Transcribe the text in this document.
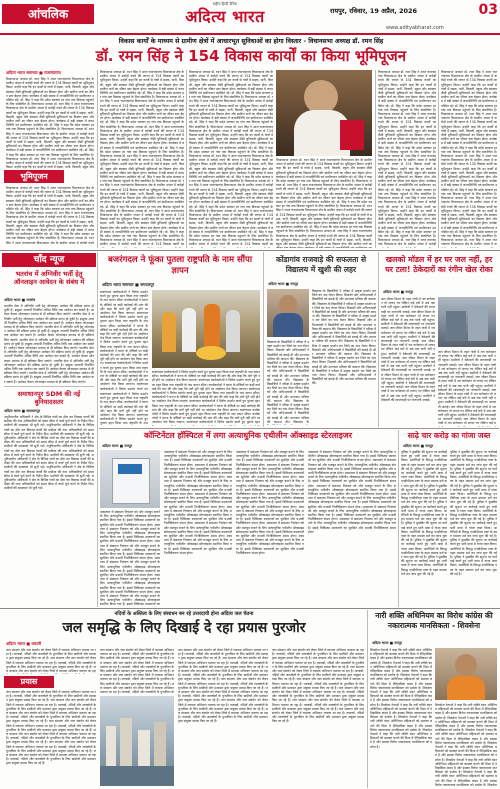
आंचलिक
राष्ट्रीय हिन्दी दैनिक
अदित्य भारत	रायपुर, रविवार, 19 अप्रैल, 2026	03
www.adityabharat.com
विकास कार्यों के माध्यम से ग्रामीण क्षेत्रों में आधारभूत सुविधाओं का होगा विस्तार - विधानसभा अध्यक्ष डॉ. रमन सिंह
डॉ. रमन सिंह ने 154 विकास कार्यों का किया भूमिपूजन
अदित्य भारत समाचार ■ राजनांदगांव
विधानसभा अध्यक्ष डॉ. रमन सिंह ने आज राजनांदगांव विधानसभा क्षेत्र के ग्रामीण अंचल में करोड़ों रुपये की लागत से 154 विकास कार्यों का भूमिपूजन किया। उन्होंने कहा कि इन कार्यों से गांवों में सड़क, पानी, बिजली, स्कूल और स्वास्थ्य जैसी बुनियादी सुविधाओं का विस्तार होगा और ग्रामीण जनों का जीवन स्तर बेहतर होगा। कार्यक्रम में बड़ी संख्या में जनप्रतिनिधि एवं ग्रामीणजन उपस्थित रहे। डॉ. सिंह ने कहा कि प्रदेश सरकार हर गांव तक विकास पहुंचाने के लिए संकल्पित है। विधानसभा अध्यक्ष डॉ. रमन सिंह ने आज राजनांदगांव विधानसभा क्षेत्र के ग्रामीण अंचल में करोड़ों रुपये की लागत से 154 विकास कार्यों का भूमिपूजन किया। उन्होंने कहा कि इन कार्यों से गांवों में सड़क, पानी, बिजली, स्कूल और स्वास्थ्य जैसी बुनियादी सुविधाओं का विस्तार होगा और ग्रामीण जनों का जीवन स्तर बेहतर होगा। कार्यक्रम में बड़ी संख्या में जनप्रतिनिधि एवं ग्रामीणजन उपस्थित रहे। डॉ. सिंह ने कहा कि प्रदेश सरकार हर गांव तक विकास पहुंचाने के लिए संकल्पित है। विधानसभा अध्यक्ष डॉ. रमन सिंह ने आज राजनांदगांव विधानसभा क्षेत्र के ग्रामीण अंचल में करोड़ों रुपये की लागत से 154 विकास कार्यों का भूमिपूजन किया। उन्होंने कहा कि इन कार्यों से गांवों में सड़क, पानी, बिजली, स्कूल और स्वास्थ्य जैसी बुनियादी सुविधाओं का विस्तार होगा और ग्रामीण जनों का जीवन स्तर बेहतर होगा। कार्यक्रम में बड़ी संख्या में जनप्रतिनिधि एवं ग्रामीणजन उपस्थित रहे। डॉ. सिंह ने कहा कि प्रदेश सरकार हर गांव तक विकास पहुंचाने के लिए संकल्पित है। विधानसभा अध्यक्ष डॉ. रमन सिंह ने आज राजनांदगांव विधानसभा क्षेत्र के ग्रामीण अंचल में करोड़ों रुपये की लागत से 154 विकास कार्यों का भूमिपूजन किया। उन्होंने कहा कि इन कार्यों से गांवों में सड़क, पानी, बिजली, स्कूल और
भूमिपूजन
विधानसभा अध्यक्ष डॉ. रमन सिंह ने आज राजनांदगांव विधानसभा क्षेत्र के ग्रामीण अंचल में करोड़ों रुपये की लागत से 154 विकास कार्यों का भूमिपूजन किया। उन्होंने कहा कि इन कार्यों से गांवों में सड़क, पानी, बिजली, स्कूल और स्वास्थ्य जैसी बुनियादी सुविधाओं का विस्तार होगा और ग्रामीण जनों का जीवन स्तर बेहतर होगा। कार्यक्रम में बड़ी संख्या में जनप्रतिनिधि एवं ग्रामीणजन उपस्थित रहे। डॉ. सिंह ने कहा कि प्रदेश सरकार हर गांव तक विकास पहुंचाने के लिए संकल्पित है। विधानसभा अध्यक्ष डॉ. रमन सिंह ने आज राजनांदगांव विधानसभा क्षेत्र के ग्रामीण अंचल में करोड़ों रुपये की लागत से 154 विकास कार्यों का भूमिपूजन किया। उन्होंने कहा कि इन कार्यों से गांवों में सड़क, पानी, बिजली, स्कूल और स्वास्थ्य जैसी बुनियादी सुविधाओं का विस्तार होगा और ग्रामीण जनों का जीवन स्तर बेहतर होगा। कार्यक्रम में बड़ी संख्या में जनप्रतिनिधि एवं ग्रामीणजन उपस्थित रहे। डॉ. सिंह ने कहा कि प्रदेश सरकार हर गांव तक विकास पहुंचाने के लिए संकल्पित है। विधानसभा अध्यक्ष डॉ. रमन सिंह ने आज राजनांदगांव विधानसभा क्षेत्र के ग्रामीण अंचल में करोड़ों रुपये
विधानसभा अध्यक्ष डॉ. रमन सिंह ने आज राजनांदगांव विधानसभा क्षेत्र के ग्रामीण अंचल में करोड़ों रुपये की लागत से 154 विकास कार्यों का भूमिपूजन किया। उन्होंने कहा कि इन कार्यों से गांवों में सड़क, पानी, बिजली, स्कूल और स्वास्थ्य जैसी बुनियादी सुविधाओं का विस्तार होगा और ग्रामीण जनों का जीवन स्तर बेहतर होगा। कार्यक्रम में बड़ी संख्या में जनप्रतिनिधि एवं ग्रामीणजन उपस्थित रहे। डॉ. सिंह ने कहा कि प्रदेश सरकार हर गांव तक विकास पहुंचाने के लिए संकल्पित है। विधानसभा अध्यक्ष डॉ. रमन सिंह ने आज राजनांदगांव विधानसभा क्षेत्र के ग्रामीण अंचल में करोड़ों रुपये की लागत से 154 विकास कार्यों का भूमिपूजन किया। उन्होंने कहा कि इन कार्यों से गांवों में सड़क, पानी, बिजली, स्कूल और स्वास्थ्य जैसी बुनियादी सुविधाओं का विस्तार होगा और ग्रामीण जनों का जीवन स्तर बेहतर होगा। कार्यक्रम में बड़ी संख्या में जनप्रतिनिधि एवं ग्रामीणजन उपस्थित रहे। डॉ. सिंह ने कहा कि प्रदेश सरकार हर गांव तक विकास पहुंचाने के लिए संकल्पित है। विधानसभा अध्यक्ष डॉ. रमन सिंह ने आज राजनांदगांव विधानसभा क्षेत्र के ग्रामीण अंचल में करोड़ों रुपये की लागत से 154 विकास कार्यों का भूमिपूजन किया। उन्होंने कहा कि इन कार्यों से गांवों में सड़क, पानी, बिजली, स्कूल और स्वास्थ्य जैसी बुनियादी सुविधाओं का विस्तार होगा और ग्रामीण जनों का जीवन स्तर बेहतर होगा। कार्यक्रम में बड़ी संख्या में जनप्रतिनिधि एवं ग्रामीणजन उपस्थित रहे। डॉ. सिंह ने कहा कि प्रदेश सरकार हर गांव तक विकास पहुंचाने के लिए संकल्पित है। विधानसभा अध्यक्ष डॉ. रमन सिंह ने आज राजनांदगांव विधानसभा क्षेत्र के ग्रामीण अंचल में करोड़ों रुपये की लागत से 154 विकास कार्यों का भूमिपूजन किया। उन्होंने कहा कि इन कार्यों से गांवों में सड़क, पानी, बिजली, स्कूल और स्वास्थ्य जैसी बुनियादी सुविधाओं का विस्तार होगा और ग्रामीण जनों का जीवन स्तर बेहतर होगा। कार्यक्रम में बड़ी संख्या में जनप्रतिनिधि एवं ग्रामीणजन उपस्थित रहे। डॉ. सिंह ने कहा कि प्रदेश सरकार हर गांव तक विकास पहुंचाने के लिए संकल्पित है। विधानसभा अध्यक्ष डॉ. रमन सिंह ने आज राजनांदगांव विधानसभा क्षेत्र के ग्रामीण अंचल में करोड़ों रुपये की लागत से 154 विकास कार्यों का भूमिपूजन किया। उन्होंने कहा कि इन कार्यों से गांवों में सड़क, पानी, बिजली, स्कूल और स्वास्थ्य जैसी बुनियादी सुविधाओं का विस्तार होगा और ग्रामीण जनों का जीवन स्तर बेहतर होगा। कार्यक्रम में बड़ी संख्या में जनप्रतिनिधि एवं ग्रामीणजन उपस्थित रहे। डॉ. सिंह ने कहा कि प्रदेश सरकार हर गांव तक विकास पहुंचाने के लिए संकल्पित है। विधानसभा अध्यक्ष डॉ. रमन सिंह ने आज राजनांदगांव विधानसभा क्षेत्र के ग्रामीण अंचल में करोड़ों रुपये की लागत से 154 विकास कार्यों का भूमिपूजन किया। उन्होंने कहा कि इन कार्यों से गांवों में सड़क, पानी, बिजली, स्कूल और स्वास्थ्य जैसी बुनियादी सुविधाओं का विस्तार होगा और ग्रामीण जनों का जीवन स्तर बेहतर होगा। कार्यक्रम में बड़ी संख्या में जनप्रतिनिधि एवं ग्रामीणजन उपस्थित रहे। डॉ. सिंह ने कहा कि प्रदेश सरकार हर गांव तक विकास पहुंचाने के लिए संकल्पित है। विधानसभा अध्यक्ष डॉ. रमन सिंह ने आज राजनांदगांव विधानसभा क्षेत्र के ग्रामीण अंचल में करोड़ों रुपये की लागत से 154 विकास कार्यों का
विधानसभा अध्यक्ष डॉ. रमन सिंह ने आज राजनांदगांव विधानसभा क्षेत्र के ग्रामीण अंचल में करोड़ों रुपये की लागत से 154 विकास कार्यों का भूमिपूजन किया। उन्होंने कहा कि इन कार्यों से गांवों में सड़क, पानी, बिजली, स्कूल और स्वास्थ्य जैसी बुनियादी सुविधाओं का विस्तार होगा और ग्रामीण जनों का जीवन स्तर बेहतर होगा। कार्यक्रम में बड़ी संख्या में जनप्रतिनिधि एवं ग्रामीणजन उपस्थित रहे। डॉ. सिंह ने कहा कि प्रदेश सरकार हर गांव तक विकास पहुंचाने के लिए संकल्पित है। विधानसभा अध्यक्ष डॉ. रमन सिंह ने आज राजनांदगांव विधानसभा क्षेत्र के ग्रामीण अंचल में करोड़ों रुपये की लागत से 154 विकास कार्यों का भूमिपूजन किया। उन्होंने कहा कि इन कार्यों से गांवों में सड़क, पानी, बिजली, स्कूल और स्वास्थ्य जैसी बुनियादी सुविधाओं का विस्तार होगा और ग्रामीण जनों का जीवन स्तर बेहतर होगा। कार्यक्रम में बड़ी संख्या में जनप्रतिनिधि एवं ग्रामीणजन उपस्थित रहे। डॉ. सिंह ने कहा कि प्रदेश सरकार हर गांव तक विकास पहुंचाने के लिए संकल्पित है। विधानसभा अध्यक्ष डॉ. रमन सिंह ने आज राजनांदगांव विधानसभा क्षेत्र के ग्रामीण अंचल में करोड़ों रुपये की लागत से 154 विकास कार्यों का भूमिपूजन किया। उन्होंने कहा कि इन कार्यों से गांवों में सड़क, पानी, बिजली, स्कूल और स्वास्थ्य जैसी बुनियादी सुविधाओं का विस्तार होगा और ग्रामीण जनों का जीवन स्तर बेहतर होगा। कार्यक्रम में बड़ी संख्या में जनप्रतिनिधि एवं ग्रामीणजन उपस्थित रहे। डॉ. सिंह ने कहा कि प्रदेश सरकार हर गांव तक विकास पहुंचाने के लिए संकल्पित है। विधानसभा अध्यक्ष डॉ. रमन सिंह ने आज राजनांदगांव विधानसभा क्षेत्र के ग्रामीण अंचल में करोड़ों रुपये की लागत से 154 विकास कार्यों का भूमिपूजन किया। उन्होंने कहा कि इन कार्यों से गांवों में सड़क, पानी, बिजली, स्कूल और स्वास्थ्य जैसी बुनियादी सुविधाओं का विस्तार होगा और ग्रामीण जनों का जीवन स्तर बेहतर होगा। कार्यक्रम में बड़ी संख्या में जनप्रतिनिधि एवं ग्रामीणजन उपस्थित रहे। डॉ. सिंह ने कहा कि प्रदेश सरकार हर गांव तक विकास पहुंचाने के लिए संकल्पित है। विधानसभा अध्यक्ष डॉ. रमन सिंह ने आज राजनांदगांव विधानसभा क्षेत्र के ग्रामीण अंचल में करोड़ों रुपये की लागत से 154 विकास कार्यों का भूमिपूजन किया। उन्होंने कहा कि इन कार्यों से गांवों में सड़क, पानी, बिजली, स्कूल और स्वास्थ्य जैसी बुनियादी सुविधाओं का विस्तार होगा और ग्रामीण जनों का जीवन स्तर बेहतर होगा। कार्यक्रम में बड़ी संख्या में जनप्रतिनिधि एवं ग्रामीणजन उपस्थित रहे। डॉ. सिंह ने कहा कि प्रदेश सरकार हर गांव तक विकास पहुंचाने के लिए संकल्पित है। विधानसभा अध्यक्ष डॉ. रमन सिंह ने आज राजनांदगांव विधानसभा क्षेत्र के ग्रामीण अंचल में करोड़ों रुपये की लागत से 154 विकास कार्यों का भूमिपूजन किया। उन्होंने कहा कि इन कार्यों से गांवों में सड़क, पानी, बिजली, स्कूल और स्वास्थ्य जैसी बुनियादी सुविधाओं का विस्तार होगा और ग्रामीण जनों का जीवन स्तर बेहतर होगा। कार्यक्रम में बड़ी संख्या में जनप्रतिनिधि एवं ग्रामीणजन उपस्थित रहे। डॉ. सिंह ने कहा कि प्रदेश सरकार हर गांव तक विकास पहुंचाने के लिए संकल्पित है। विधानसभा अध्यक्ष डॉ. रमन सिंह ने आज राजनांदगांव विधानसभा क्षेत्र के ग्रामीण अंचल में करोड़ों रुपये की लागत से 154 विकास कार्यों का
विधानसभा अध्यक्ष डॉ. रमन सिंह ने आज राजनांदगांव विधानसभा क्षेत्र के ग्रामीण अंचल में करोड़ों रुपये की लागत से 154 विकास कार्यों का भूमिपूजन किया। उन्होंने कहा कि इन कार्यों से गांवों में सड़क, पानी, बिजली, स्कूल और स्वास्थ्य जैसी बुनियादी सुविधाओं का विस्तार होगा और ग्रामीण जनों का जीवन स्तर बेहतर होगा। कार्यक्रम में बड़ी संख्या में जनप्रतिनिधि एवं ग्रामीणजन उपस्थित रहे। डॉ. सिंह ने कहा कि प्रदेश सरकार हर गांव तक विकास पहुंचाने के लिए संकल्पित है। विधानसभा अध्यक्ष डॉ. रमन सिंह ने आज राजनांदगांव विधानसभा क्षेत्र के ग्रामीण अंचल में करोड़ों रुपये की लागत से 154 विकास कार्यों का भूमिपूजन किया। उन्होंने कहा कि इन कार्यों से गांवों में सड़क, पानी, बिजली, स्कूल और स्वास्थ्य जैसी बुनियादी सुविधाओं का विस्तार होगा और ग्रामीण जनों का जीवन स्तर बेहतर होगा। कार्यक्रम में बड़ी संख्या में जनप्रतिनिधि एवं ग्रामीणजन उपस्थित रहे। डॉ. सिंह ने कहा कि प्रदेश सरकार हर गांव तक विकास पहुंचाने के लिए संकल्पित है। विधानसभा अध्यक्ष डॉ. रमन सिंह ने आज राजनांदगांव विधानसभा क्षेत्र के ग्रामीण अंचल में करोड़ों रुपये की लागत से 154 विकास कार्यों का भूमिपूजन किया। उन्होंने कहा कि इन कार्यों से गांवों में सड़क, पानी, बिजली, स्कूल और स्वास्थ्य जैसी बुनियादी सुविधाओं का विस्तार होगा और ग्रामीण जनों का जीवन स्तर बेहतर होगा। कार्यक्रम में बड़ी संख्या में जनप्रतिनिधि एवं ग्रामीणजन उपस्थित रहे। डॉ. सिंह ने कहा कि प्रदेश सरकार हर गांव तक विकास पहुंचाने के लिए संकल्पित है। विधानसभा अध्यक्ष डॉ. रमन सिंह ने आज राजनांदगांव विधानसभा क्षेत्र के ग्रामीण अंचल में करोड़ों रुपये की लागत से 154 विकास कार्यों का भूमिपूजन किया। उन्होंने कहा कि इन कार्यों से गांवों में सड़क, पानी, बिजली, स्कूल और स्वास्थ्य जैसी बुनियादी सुविधाओं का विस्तार होगा और ग्रामीण जनों का
विधानसभा अध्यक्ष डॉ. रमन सिंह ने आज राजनांदगांव विधानसभा क्षेत्र के ग्रामीण अंचल में करोड़ों रुपये की लागत से 154 विकास कार्यों का भूमिपूजन किया। उन्होंने कहा कि इन कार्यों से गांवों में सड़क, पानी, बिजली, स्कूल और स्वास्थ्य जैसी बुनियादी सुविधाओं का विस्तार होगा और ग्रामीण जनों का जीवन स्तर बेहतर होगा। कार्यक्रम में बड़ी संख्या में जनप्रतिनिधि एवं ग्रामीणजन उपस्थित रहे। डॉ. सिंह ने कहा कि प्रदेश सरकार हर गांव तक विकास पहुंचाने के लिए संकल्पित है। विधानसभा अध्यक्ष डॉ. रमन सिंह ने आज राजनांदगांव विधानसभा क्षेत्र के ग्रामीण अंचल में करोड़ों रुपये की लागत से 154 विकास कार्यों का भूमिपूजन किया। उन्होंने कहा कि इन कार्यों से गांवों में सड़क, पानी, बिजली, स्कूल और स्वास्थ्य जैसी बुनियादी सुविधाओं का विस्तार होगा और ग्रामीण जनों का जीवन स्तर बेहतर होगा। कार्यक्रम में बड़ी संख्या में जनप्रतिनिधि एवं ग्रामीणजन उपस्थित रहे। डॉ. सिंह ने कहा कि प्रदेश सरकार हर गांव तक विकास पहुंचाने के लिए संकल्पित है। विधानसभा अध्यक्ष डॉ. रमन सिंह ने आज राजनांदगांव विधानसभा क्षेत्र के ग्रामीण अंचल में करोड़ों रुपये की लागत से 154 विकास कार्यों का भूमिपूजन किया। उन्होंने कहा कि इन कार्यों से गांवों में सड़क, पानी, बिजली, स्कूल और स्वास्थ्य जैसी बुनियादी सुविधाओं का विस्तार होगा और ग्रामीण जनों का जीवन स्तर बेहतर होगा। कार्यक्रम में बड़ी संख्या में जनप्रतिनिधि एवं ग्रामीणजन उपस्थित रहे। डॉ. सिंह ने कहा कि प्रदेश सरकार हर गांव तक विकास पहुंचाने के लिए संकल्पित है। विधानसभा अध्यक्ष डॉ. रमन सिंह ने आज राजनांदगांव विधानसभा क्षेत्र के ग्रामीण अंचल में करोड़ों रुपये की लागत से 154 विकास कार्यों का भूमिपूजन किया। उन्होंने कहा कि इन कार्यों से गांवों में सड़क, पानी, बिजली, स्कूल और स्वास्थ्य जैसी बुनियादी सुविधाओं का विस्तार होगा और ग्रामीण जनों का जीवन स्तर बेहतर होगा। कार्यक्रम में बड़ी संख्या में जनप्रतिनिधि एवं ग्रामीणजन उपस्थित रहे। डॉ. सिंह ने कहा कि प्रदेश सरकार हर गांव तक विकास पहुंचाने के लिए संकल्पित है। विधानसभा अध्यक्ष डॉ. रमन सिंह ने आज राजनांदगांव विधानसभा क्षेत्र के ग्रामीण अंचल में करोड़ों
विधानसभा अध्यक्ष डॉ. रमन सिंह ने आज राजनांदगांव विधानसभा क्षेत्र के ग्रामीण अंचल में करोड़ों रुपये की लागत से 154 विकास कार्यों का भूमिपूजन किया। उन्होंने कहा कि इन कार्यों से गांवों में सड़क, पानी, बिजली, स्कूल और स्वास्थ्य जैसी बुनियादी सुविधाओं का विस्तार होगा और ग्रामीण जनों का जीवन स्तर बेहतर होगा। कार्यक्रम में बड़ी संख्या में जनप्रतिनिधि एवं ग्रामीणजन उपस्थित रहे। डॉ. सिंह ने कहा कि प्रदेश सरकार हर गांव तक विकास पहुंचाने के लिए संकल्पित है। विधानसभा अध्यक्ष डॉ. रमन सिंह ने आज राजनांदगांव विधानसभा क्षेत्र के ग्रामीण अंचल में करोड़ों रुपये की लागत से 154 विकास कार्यों का भूमिपूजन किया। उन्होंने कहा कि इन कार्यों से गांवों में सड़क, पानी, बिजली, स्कूल और स्वास्थ्य जैसी बुनियादी सुविधाओं का विस्तार होगा और ग्रामीण जनों का जीवन स्तर बेहतर होगा। कार्यक्रम में बड़ी संख्या में जनप्रतिनिधि एवं ग्रामीणजन उपस्थित रहे। डॉ. सिंह ने कहा कि प्रदेश सरकार हर गांव तक विकास पहुंचाने के लिए संकल्पित है। विधानसभा अध्यक्ष डॉ. रमन सिंह ने आज राजनांदगांव विधानसभा क्षेत्र के ग्रामीण अंचल में करोड़ों रुपये की लागत से 154 विकास कार्यों का भूमिपूजन किया। उन्होंने कहा कि इन कार्यों से गांवों में सड़क, पानी, बिजली, स्कूल और स्वास्थ्य जैसी बुनियादी सुविधाओं का विस्तार होगा और ग्रामीण जनों का जीवन स्तर बेहतर होगा। कार्यक्रम में बड़ी संख्या में जनप्रतिनिधि एवं ग्रामीणजन उपस्थित रहे। डॉ. सिंह ने कहा कि प्रदेश सरकार हर गांव तक विकास पहुंचाने के लिए संकल्पित है। विधानसभा अध्यक्ष डॉ. रमन सिंह ने आज राजनांदगांव विधानसभा क्षेत्र के ग्रामीण अंचल में करोड़ों रुपये की लागत से 154 विकास कार्यों का भूमिपूजन किया। उन्होंने कहा कि इन कार्यों से गांवों में सड़क, पानी, बिजली, स्कूल और स्वास्थ्य जैसी बुनियादी सुविधाओं का विस्तार होगा और ग्रामीण जनों का जीवन स्तर बेहतर होगा। कार्यक्रम में बड़ी संख्या में जनप्रतिनिधि एवं ग्रामीणजन उपस्थित रहे। डॉ. सिंह ने कहा कि प्रदेश सरकार हर गांव तक विकास पहुंचाने के लिए संकल्पित है। विधानसभा अध्यक्ष डॉ. रमन सिंह ने आज राजनांदगांव विधानसभा क्षेत्र के ग्रामीण अंचल में क
चाँद न्यूज
भतरांच में अग्निवीर भर्ती हेतु ऑनलाइन आवेदन के संबंध में
अदित्य भारत ■ भतरांच
भारतीय सेना में अग्निवीर भर्ती हेतु ऑनलाइन आवेदन की प्रक्रिया प्रारंभ हो चुकी है। इच्छुक अभ्यर्थी निर्धारित अंतिम तिथि तक आवेदन कर सकते हैं। आवेदन केवल ऑनलाइन माध्यम से ही स्वीकार किए जाएंगे। भारतीय सेना में अग्निवीर भर्ती हेतु ऑनलाइन आवेदन की प्रक्रिया प्रारंभ हो चुकी है। इच्छुक अभ्यर्थी निर्धारित अंतिम तिथि तक आवेदन कर सकते हैं। आवेदन केवल ऑनलाइन माध्यम से ही स्वीकार किए जाएंगे। भारतीय सेना में अग्निवीर भर्ती हेतु ऑनलाइन आवेदन की प्रक्रिया प्रारंभ हो चुकी है। इच्छुक अभ्यर्थी निर्धारित अंतिम तिथि तक आवेदन कर सकते हैं। आवेदन केवल ऑनलाइन माध्यम से ही स्वीकार किए जाएंगे। भारतीय सेना में अग्निवीर भर्ती हेतु ऑनलाइन आवेदन की प्रक्रिया प्रारंभ हो चुकी है। इच्छुक अभ्यर्थी निर्धारित अंतिम तिथि तक आवेदन कर सकते हैं। आवेदन केवल ऑनलाइन माध्यम से ही स्वीकार किए जाएंगे। भारतीय सेना में अग्निवीर भर्ती हेतु ऑनलाइन आवेदन की प्रक्रिया प्रारंभ हो चुकी है। इच्छुक अभ्यर्थी निर्धारित अंतिम तिथि तक आवेदन कर सकते हैं। आवेदन केवल ऑनलाइन माध्यम से ही स्वीकार किए जाएंगे। भारतीय सेना में अग्निवीर भर्ती हेतु ऑनलाइन आवेदन की प्रक्रिया प्रारंभ हो चुकी है। इच्छुक अभ्यर्थी निर्धारित अंतिम तिथि तक आवेदन कर सकते हैं। आवेदन केवल ऑनलाइन माध्यम से ही स्वीकार किए जाएंगे। भारतीय सेना में अग्निवीर भर्ती हेतु ऑनलाइन आवेदन की प्रक्रिया प्रारंभ हो चुकी है। इच्छुक अभ्यर्थी निर्धारित अंतिम तिथि तक आवेदन कर सकते हैं। आवेदन केवल ऑनलाइन माध्यम से ही स्वीकार किए जाएंगे।
समाधानपुर SDM की नई बुनियादसतर
अदित्य भारत ■ समाधानपुर
अनुविभागीय अधिकारी ने क्षेत्र के विभिन्न गांवों का दौरा कर विकास कार्यों की समीक्षा की तथा अधिकारियों को समय सीमा में कार्य पूर्ण करने के निर्देश दिए। ग्रामीणों की समस्याएं भी सुनी गईं। अनुविभागीय अधिकारी ने क्षेत्र के विभिन्न गांवों का दौरा कर विकास कार्यों की समीक्षा की तथा अधिकारियों को समय सीमा में कार्य पूर्ण करने के निर्देश दिए। ग्रामीणों की समस्याएं भी सुनी गईं। अनुविभागीय अधिकारी ने क्षेत्र के विभिन्न गांवों का दौरा कर विकास कार्यों की समीक्षा की तथा अधिकारियों को समय सीमा में कार्य पूर्ण करने के निर्देश दिए। ग्रामीणों की समस्याएं भी सुनी गईं। अनुविभागीय अधिकारी ने क्षेत्र के विभिन्न गांवों का दौरा कर विकास कार्यों की समीक्षा की तथा अधिकारियों को समय सीमा में कार्य पूर्ण करने के निर्देश दिए। ग्रामीणों की समस्याएं भी सुनी गईं। अनुविभागीय अधिकारी ने क्षेत्र के विभिन्न गांवों का दौरा कर विकास कार्यों की समीक्षा की तथा अधिकारियों को समय सीमा में कार्य पूर्ण करने के निर्देश दिए। ग्रामीणों की समस्याएं भी सुनी गईं। अनुविभागीय अधिकारी ने क्षेत्र के विभिन्न गांवों का दौरा कर विकास कार्यों की समीक्षा की तथा अधिकारियों को समय सीमा में कार्य पूर्ण करने के निर्देश दिए। ग्रामीणों की समस्याएं भी सुनी गईं। अनुविभागीय अधिकारी ने क्षेत्र के विभिन्न गांवों का दौरा कर विकास कार्यों की समीक्षा की तथा अधिकारियों को समय सीमा में कार्य पूर्ण करने के निर्देश दिए। ग्रामीणों की समस्याएं भी सुनी गईं।
बजरंगदल ने फूंका पुतला राष्ट्रपति के नाम सौंपा ज्ञापन
अदित्य भारत समाचार ■ जगदलपुर
बजरंगदल कार्यकर्ताओं ने विरोध प्रदर्शन करते हुए पुतला दहन किया तथा राष्ट्रपति के नाम ज्ञापन सौंपा। कार्यकर्ताओं ने घटना के दोषियों पर कड़ी कार्रवाई की मांग की और कहा कि मांगें पूरी नहीं होने पर आंदोलन तेज किया जाएगा। बजरंगदल कार्यकर्ताओं ने विरोध प्रदर्शन करते हुए पुतला दहन किया तथा राष्ट्रपति के नाम ज्ञापन सौंपा। कार्यकर्ताओं ने घटना के दोषियों पर कड़ी कार्रवाई की मांग की और कहा कि मांगें पूरी नहीं होने पर आंदोलन तेज किया जाएगा। बजरंगदल कार्यकर्ताओं ने विरोध प्रदर्शन करते हुए पुतला दहन किया तथा राष्ट्रपति के नाम ज्ञापन सौंपा। कार्यकर्ताओं ने घटना के दोषियों पर कड़ी कार्रवाई की मांग की और कहा कि मांगें पूरी नहीं होने पर आंदोलन तेज किया जाएगा। बजरंगदल कार्यकर्ताओं ने विरोध प्रदर्शन करते हुए पुतला दहन किया तथा राष्ट्रपति के नाम ज्ञापन सौंपा। कार्यकर्ताओं ने घटना के दोषियों पर कड़ी कार्रवाई की मांग की और कहा कि मांगें पूरी नहीं होने पर आंदोलन तेज किया जाएगा। बजरंगदल कार्यकर्ताओं ने विरोध प्रदर्शन करते हुए
बजरंगदल कार्यकर्ताओं ने विरोध प्रदर्शन करते हुए पुतला दहन किया तथा राष्ट्रपति के नाम ज्ञापन सौंपा। कार्यकर्ताओं ने घटना के दोषियों पर कड़ी कार्रवाई की मांग की और कहा कि मांगें पूरी नहीं होने पर आंदोलन तेज किया जाएगा। बजरंगदल कार्यकर्ताओं ने विरोध प्रदर्शन करते हुए पुतला दहन किया तथा राष्ट्रपति के नाम ज्ञापन सौंपा। कार्यकर्ताओं ने घटना के दोषियों पर कड़ी कार्रवाई की मांग की और कहा कि मांगें पूरी नहीं होने पर आंदोलन तेज किया जाएगा। बजरंगदल कार्यकर्ताओं ने विरोध प्रदर्शन करते हुए पुतला दहन किया तथा राष्ट्रपति के नाम ज्ञापन सौंपा। कार्यकर्ताओं ने घटना के दोषियों पर कड़ी कार्रवाई की मांग की और कहा कि मांगें पूरी नहीं होने पर आंदोलन तेज किया जाएगा। बजरंगदल कार्यकर्ताओं ने विरोध प्रदर्शन करते हुए पुतला दहन किया तथा राष्ट्रपति के नाम ज्ञापन सौंपा। कार्यकर्ताओं ने घटना के दोषियों पर कड़ी कार्रवाई की मांग की और कहा कि मांगें पूरी नहीं होने पर आंदोलन तेज किया जाएगा। बजरंगदल कार्यकर्ताओं ने विरोध प्रदर्शन करते हुए पुतला दहन किया तथा राष्ट्रपति के नाम ज्ञापन सौंपा। कार्यकर्ताओं ने घटना के दोषियों पर कड़ी कार्रवाई की मांग की और कहा कि मांगें पूरी नहीं होने पर आंदोलन तेज किया जाएगा। बजरंगदल कार्यकर्ताओं ने विरोध प्रदर्शन करते हुए पुतला दहन
बजरंगदल कार्यकर्ताओं ने विरोध प्रदर्शन करते हुए पुतला दहन किया तथा राष्ट्रपति के नाम ज्ञापन सौंपा। कार्यकर्ताओं ने घटना के दोषियों पर कड़ी कार्रवाई की मांग की और कहा कि मांगें पूरी नहीं होने पर आंदोलन तेज किया जाएगा। बजरंगदल कार्यकर्ताओं ने विरोध प्रदर्शन करते हुए पुतला दहन किया तथा राष्ट्रपति के नाम
कोंडागांव राजवाड़े की सफलता से विद्यालय में खुशी की लहर
अदित्य भारत ■ रायपुर
विद्यालय के विद्यार्थियों ने परीक्षा में उत्कृष्ट प्रदर्शन कर जिले का नाम रोशन किया। शिक्षकों और अभिभावकों ने विद्यार्थियों को बधाई दी और उज्ज्वल भविष्य की कामना की। विद्यालय के विद्यार्थियों ने परीक्षा में उत्कृष्ट प्रदर्शन कर जिले का नाम रोशन किया। शिक्षकों और अभिभावकों ने विद्यार्थियों को बधाई दी और उज्ज्वल भविष्य की कामना की। विद्यालय के विद्यार्थियों ने परीक्षा में उत्कृष्ट प्रदर्शन कर जिले का नाम रोशन किया। शिक्षकों और अभिभावकों ने विद्यार्थियों को बधाई दी और उज्ज्वल भविष्य की कामना की। विद्यालय के विद्यार्थियों ने परीक्षा में उत्कृष्ट प्रदर्शन कर जिले का नाम रोशन किया। शिक्षकों और अभिभावकों ने विद्यार्थियों को बधाई दी और उज्ज्वल भविष्य की कामना की। विद्यालय के विद्यार्थियों ने परीक्षा में उत्कृष्ट प्रदर्शन कर जिले का नाम रोशन किया। शिक्षकों और अभिभावकों ने विद्यार्थियों को बधाई दी और उज्ज्वल भविष्य की कामना की। विद्यालय के विद्यार्थियों ने परीक्षा में उत्कृष्ट प्रदर्शन कर जिले का नाम रोशन किया। शिक्षकों और अभिभावकों ने विद्यार्थियों को बधाई दी और उज्ज्वल भविष्य की कामना की। विद्यालय के विद्यार्थियों ने परीक्षा में उत्कृष्ट प्रदर्शन कर जिले का नाम रोशन किया। शिक्षकों और अभिभावकों ने विद्यार्थियों को बधाई दी और उज्ज्वल भविष्य की कामना की।
विद्यालय के विद्यार्थियों ने परीक्षा में उत्कृष्ट प्रदर्शन कर जिले का नाम रोशन किया। शिक्षकों और अभिभावकों ने विद्यार्थियों को बधाई दी और उज्ज्वल भविष्य की कामना की। विद्यालय के विद्यार्थियों ने परीक्षा में उत्कृष्ट प्रदर्शन कर जिले का नाम रोशन किया। शिक्षकों और अभिभावकों ने विद्यार्थियों को बधाई दी और उज्ज्वल भविष्य की कामना की। विद्यालय के विद्यार्थियों ने परीक्षा में उत्कृष्ट प्रदर्शन कर जिले का नाम रोशन किया। शिक्षकों और अभिभावकों ने विद्यार्थियों को बधाई दी और उज्ज्वल भविष्य की कामना की। विद्यालय के विद्यार्थियों ने परीक्षा में उत्कृष्ट प्रदर्शन कर जिले का नाम रोशन किया। शिक्षकों और अभिभावकों ने विद्यार्थियों को बधाई दी और उज्ज्वल भविष्य की कामना की। विद्यालय के
खलको मॉडल में हर घर जल नहीं, हर घर टला! ठेकेदारों का रंगीन खेल रोका
अदित्य भारत ■ रायपुर
जल जीवन मिशन के तहत गांवों में नल कनेक्शन तो लगाए गए लेकिन कई घरों में अब तक पानी नहीं पहुंचा। ग्रामीणों ने ठेकेदारों की लापरवाही पर नाराजगी जताई। जल जीवन मिशन के तहत गांवों में नल कनेक्शन तो लगाए गए लेकिन कई घरों में अब तक पानी नहीं पहुंचा। ग्रामीणों ने ठेकेदारों की लापरवाही पर नाराजगी जताई। जल जीवन मिशन के तहत गांवों में नल कनेक्शन तो लगाए गए लेकिन कई घरों में अब तक पानी नहीं पहुंचा। ग्रामीणों ने ठेकेदारों की लापरवाही पर नाराजगी जताई। जल जीवन मिशन के तहत गांवों में नल कनेक्शन तो लगाए गए लेकिन कई घरों में अब तक पानी नहीं पहुंचा। ग्रामीणों ने ठेकेदारों की लापरवाही पर नाराजगी जताई। जल जीवन मिशन के तहत गांवों में नल कनेक्शन तो लगाए गए लेकिन कई घरों में अब तक पानी नहीं पहुंचा। ग्रामीणों ने ठेकेदारों की लापरवाही पर नाराजगी जताई। जल जीवन मिशन के तहत गांवों में नल कनेक्शन तो लगाए गए लेकिन कई घरों में अब तक पानी नहीं पहुंचा। ग्रामीणों ने ठेकेदारों की लापरवाही पर नाराजगी जताई। जल जीवन मिशन के तहत गांवों में नल कनेक्शन तो लगाए गए लेकिन कई घरों में अब तक पानी नहीं पहुंचा। ग्रामीणों ने ठेकेदारों की लापरवाही पर नाराजगी जताई।
जल जीवन मिशन के तहत गांवों में नल कनेक्शन तो लगाए गए लेकिन कई घरों में अब तक पानी नहीं पहुंचा। ग्रामीणों ने ठेकेदारों की लापरवाही पर नाराजगी जताई। जल जीवन मिशन के तहत गांवों में नल कनेक्शन तो लगाए गए लेकिन कई घरों में अब तक पानी नहीं पहुंचा। ग्रामीणों ने ठेकेदारों की लापरवाही पर नाराजगी जताई। जल जीवन मिशन के तहत गांवों में नल कनेक्शन तो लगाए गए लेकिन कई घरों में अब तक पानी नहीं पहुंचा। ग्रामीणों ने ठेकेदारों की लापरवाही पर नाराजगी जताई। जल जीवन मिशन के तहत गांवों में नल कनेक्शन तो लगाए गए लेकिन कई घरों में अब तक पानी नहीं पहुंचा। ग्रामीणों ने ठेकेदारों की लापरवाही पर नाराजगी जताई। जल जीवन मिशन के तहत गांवों में नल कनेक्शन तो लगाए गए लेकिन कई घरों में अब तक पानी नहीं पहुंचा। ग्रामीणों ने ठेकेदारों की लापरवाही पर नाराजगी जताई। जल जीवन मिशन के तहत गांवों में नल कनेक्शन तो लगाए गए लेकिन कई घ
कॉन्टिनेंटल हॉस्पिटल में लगा अत्याधुनिक एथीलीन ऑक्साइड स्टेरलाइजर
अदित्य भारत ■ रायपुर
अस्पताल में संक्रमण नियंत्रण को और मजबूत बनाने के लिए अत्याधुनिक एथीलीन ऑक्साइड स्टेरलाइजर स्थापित किया गया है। इससे चिकित्सा उपकरणों का सुरक्षित और प्रभावी निर्जीवीकरण संभव होगा। अस्पताल में संक्रमण नियंत्रण को और मजबूत बनाने के लिए अत्याधुनिक एथीलीन ऑक्साइड स्टेरलाइजर स्थापित किया गया है। इससे चिकित्सा उपकरणों का सुरक्षित और प्रभावी निर्जीवीकरण संभव होगा। अस्पताल में संक्रमण नियंत्रण को और मजबूत बनाने के लिए अत्याधुनिक एथीलीन ऑक्साइड स्टेरलाइजर स्थापित किया गया है। इससे चिकित्सा उपकरणों का सुरक्षित और प्रभावी निर्जीवीकरण संभव होगा। अस्पताल में संक्रमण नियंत्रण को और मजबूत बनाने के लिए अत्याधुनिक एथीलीन ऑक्साइड स्टेरलाइजर स्थापित किया गया है। इससे चिकित्सा उपकरणों का सुरक्षित और प्रभावी निर्जीवीकरण संभव होगा। अस्पताल में संक्रमण नियंत्रण को और मजबूत बनाने के लिए अत्याधुनिक एथीलीन ऑक्साइड स्टेरलाइजर स्थापित किया गया है। इससे चिकित्सा उपकरणों का सुरक्षित और प्रभावी निर्जीवीकरण संभव होगा। अस्पताल में संक्रमण नियंत्रण को और मजबूत बनाने के लिए अत्याधुनिक एथीलीन ऑक्साइड स्टेरलाइजर स्थापित किया गया है। इससे चिकित्सा उपकरणों का
अस्पताल में संक्रमण नियंत्रण को और मजबूत बनाने के लिए अत्याधुनिक एथीलीन ऑक्साइड स्टेरलाइजर स्थापित किया गया है। इससे चिकित्सा उपकरणों का सुरक्षित और प्रभावी निर्जीवीकरण संभव होगा। अस्पताल में संक्रमण नियंत्रण को और मजबूत बनाने के लिए अत्याधुनिक एथीलीन ऑक्साइड स्टेरलाइजर स्थापित किया गया है। इससे चिकित्सा उपकरणों का सुरक्षित और प्रभावी निर्जीवीकरण संभव होगा। अस्पताल में संक्रमण नियंत्रण को और मजबूत बनाने के लिए अत्याधुनिक एथीलीन ऑक्साइड स्टेरलाइजर स्थापित किया गया है। इससे चिकित्सा उपकरणों का सुरक्षित और प्रभावी निर्जीवीकरण संभव होगा। अस्पताल में संक्रमण नियंत्रण को और मजबूत बनाने के लिए अत्याधुनिक एथीलीन ऑक्साइड स्टेरलाइजर स्थापित किया गया है। इससे चिकित्सा उपकरणों का सुरक्षित और प्रभावी निर्जीवीकरण संभव होगा। अस्पताल में संक्रमण नियंत्रण को और मजबूत बनाने के लिए अत्याधुनिक एथीलीन ऑक्साइड स्टेरलाइजर स्थापित किया गया है। इससे चिकित्सा उपकरणों का सुरक्षित और प्रभावी निर्जीवीकरण संभव होगा। अस्पताल में संक्रमण नियंत्रण को और मजबूत बनाने के लिए अत्याधुनिक एथीलीन ऑक्साइड स्टेरलाइजर स्थापित किया गया है। इससे चिकित्सा उपकरणों का सुरक्षित और प्रभावी निर्जीवीकरण संभव होगा। अस्पताल में संक्रमण नियंत्रण को और मजबूत बनाने के लिए अत्याधुनिक एथीलीन ऑक्साइड स्टेरलाइजर स्थापित किया गया है। इससे चिकित्सा उपकरणों का सुरक्षित और प्रभावी निर्जीवीकरण संभव होगा।
अस्पताल में संक्रमण नियंत्रण को और मजबूत बनाने के लिए अत्याधुनिक एथीलीन ऑक्साइड स्टेरलाइजर स्थापित किया गया है। इससे चिकित्सा उपकरणों का सुरक्षित और प्रभावी निर्जीवीकरण संभव होगा। अस्पताल में संक्रमण नियंत्रण को और मजबूत बनाने के लिए अत्याधुनिक एथीलीन ऑक्साइड स्टेरलाइजर स्थापित किया गया है। इससे चिकित्सा उपकरणों का सुरक्षित और प्रभावी निर्जीवीकरण संभव होगा। अस्पताल में संक्रमण नियंत्रण को और मजबूत बनाने के लिए अत्याधुनिक एथीलीन ऑक्साइड स्टेरलाइजर स्थापित किया गया है। इससे चिकित्सा उपकरणों का सुरक्षित और प्रभावी निर्जीवीकरण संभव होगा। अस्पताल में संक्रमण नियंत्रण को और मजबूत बनाने के लिए अत्याधुनिक एथीलीन ऑक्साइड स्टेरलाइजर स्थापित किया गया है। इससे चिकित्सा उपकरणों का सुरक्षित और प्रभावी निर्जीवीकरण संभव होगा। अस्पताल में संक्रमण नियंत्रण को और मजबूत बनाने के लिए अत्याधुनिक एथीलीन ऑक्साइड स्टेरलाइजर स्थापित किया गया है। इससे चिकित्सा उपकरणों का सुरक्षित और प्रभावी निर्जीवीकरण संभव होगा। अस्पताल में संक्रमण नियंत्रण को और मजबूत बनाने के लिए अत्याधुनिक एथीलीन ऑक्साइड स्टेरलाइजर स्थापित किया गया है। इससे चिकित्सा उपकरणों का सुरक्षित और प्रभावी निर्जीवीकरण संभव होगा। अस्पताल में संक्रमण नियंत्रण को और मजबूत बनाने के लिए अत्याधुनिक एथीलीन ऑक्साइड स्टेरलाइजर स्थापित किया गया है। इससे चिकित्सा उपकरणों का सुरक्षित और प्रभावी निर्जीवीकरण संभव होगा।
अस्पताल में संक्रमण नियंत्रण को और मजबूत बनाने के लिए अत्याधुनिक एथीलीन ऑक्साइड स्टेरलाइजर स्थापित किया गया है। इससे चिकित्सा उपकरणों का सुरक्षित और प्रभावी निर्जीवीकरण संभव होगा। अस्पताल में संक्रमण नियंत्रण को और मजबूत बनाने के लिए अत्याधुनिक एथीलीन ऑक्साइड स्टेरलाइजर स्थापित किया गया है। इससे चिकित्सा उपकरणों का सुरक्षित और प्रभावी निर्जीवीकरण संभव होगा। अस्पताल में संक्रमण नियंत्रण को और मजबूत बनाने के लिए अत्याधुनिक एथीलीन ऑक्साइड स्टेरलाइजर स्थापित किया गया है। इससे चिकित्सा उपकरणों का सुरक्षित और प्रभावी निर्जीवीकरण संभव होगा। अस्पताल में संक्रमण नियंत्रण को और मजबूत बनाने के लिए अत्याधुनिक एथीलीन ऑक्साइड स्टेरलाइजर स्थापित किया गया है। इससे चिकित्सा उपकरणों का सुरक्षित और प्रभावी निर्जीवीकरण संभव होगा। अस्पताल में संक्रमण नियंत्रण को और मजबूत बनाने के लिए अत्याधुनिक एथीलीन ऑक्साइड स्टेरलाइजर स्थापित किया गया है। इससे चिकित्सा उपकरणों का सुरक्षित और प्रभावी निर्जीवीकरण संभव होगा। अस्पताल में संक्रमण नियंत्रण को और मजबूत बनाने के लिए अत्याधुनिक एथीलीन ऑक्साइड स्टेरलाइजर स्थापित किया गया है। इससे चिकित्सा उपकरणों का सुरक्षित और प्रभावी निर्जीवीकरण संभव होगा। अस्पताल में संक्रमण नियंत्रण को और मजबूत बनाने के लिए अत्याधुनिक एथीलीन ऑक्साइड स्टेरलाइजर स्थापित किया गया है। इससे चिकित्सा उपकरणों का सुरक्षित और प्रभावी निर्जीवीकरण संभव होगा।
साढ़े चार करोड़ का गांजा जब्त
अदित्य भारत ■ रायपुर
पुलिस ने मुखबिर की सूचना पर कार्रवाई करते हुए भारी मात्रा में गांजा जब्त किया। आरोपियों के विरुद्ध एनडीपीएस एक्ट के तहत मामला दर्ज कर जांच शुरू की गई है। पुलिस ने मुखबिर की सूचना पर कार्रवाई करते हुए भारी मात्रा में गांजा जब्त किया। आरोपियों के विरुद्ध एनडीपीएस एक्ट के तहत मामला दर्ज कर जांच शुरू की गई है। पुलिस ने मुखबिर की सूचना पर कार्रवाई करते हुए भारी मात्रा में गांजा जब्त किया। आरोपियों के विरुद्ध एनडीपीएस एक्ट के तहत मामला दर्ज कर जांच शुरू की गई है। पुलिस ने मुखबिर की सूचना पर कार्रवाई करते हुए भारी मात्रा में गांजा जब्त किया। आरोपियों के विरुद्ध एनडीपीएस एक्ट के तहत मामला दर्ज कर जांच शुरू की गई है। पुलिस ने मुखबिर की सूचना पर कार्रवाई करते हुए भारी मात्रा में गांजा जब्त किया। आरोपियों के विरुद्ध एनडीपीएस एक्ट के तहत मामला दर्ज कर जांच शुरू की गई है। पुलिस ने मुखबिर की सूचना पर कार्रवाई करते हुए भारी मात्रा में गांजा जब्त किया। आरोपियों के विरुद्ध एनडीपीएस एक्ट के तहत मामला दर्ज कर जांच शुरू की गई है। पुलिस ने मुखबिर की सूचना पर कार्रवाई करते हुए भारी मात्रा में गांजा जब्त किया। आरोपियों के विरुद्ध एनडीपीएस एक्ट के तहत मामला दर्ज कर जांच शुरू की गई है।
पुलिस ने मुखबिर की सूचना पर कार्रवाई करते हुए भारी मात्रा में गांजा जब्त किया। आरोपियों के विरुद्ध एनडीपीएस एक्ट के तहत मामला दर्ज कर जांच शुरू की गई है। पुलिस ने मुखबिर की सूचना पर कार्रवाई करते हुए भारी मात्रा में गांजा जब्त किया। आरोपियों के विरुद्ध एनडीपीएस एक्ट के तहत मामला दर्ज कर जांच शुरू की गई है। पुलिस ने मुखबिर की सूचना पर कार्रवाई करते हुए भारी मात्रा में गांजा जब्त किया। आरोपियों के विरुद्ध एनडीपीएस एक्ट के तहत मामला दर्ज कर जांच शुरू की गई है। पुलिस ने मुखबिर की सूचना पर कार्रवाई करते हुए भारी मात्रा में गांजा जब्त किया। आरोपियों के विरुद्ध एनडीपीएस एक्ट के तहत मामला दर्ज कर जांच शुरू की गई है। पुलिस ने मुखबिर की सूचना पर कार्रवाई करते हुए भारी मात्रा में गांजा जब्त किया। आरोपियों के विरुद्ध एनडीपीएस एक्ट के तहत मामला दर्ज कर जांच शुरू की गई है। पुलिस ने मुखबिर की सूचना पर कार्रवाई करते हुए भारी मात्रा में गांजा जब्त किया। आरोपियों के विरुद्ध एनडीपीएस एक्ट के तहत मामला दर्ज कर जांच शुरू की गई है। पुलिस ने मुखबिर की सूचना पर कार्रवाई करते हुए भारी मात्रा में गांजा जब्त किया। आरोपियों के विरुद्ध एनडीपीएस एक्ट के तहत मामला दर्ज कर जांच शुरू की गई है।
नदियों के अस्तित्व के लिए संसाधन बन रहे उत्तरदायी होना अदित्य जल चेतना
जल समृद्धि के लिए दिखाई दे रहा प्रयास पुरजोर
अदित्य भारत ■ धमतरी
जल संरक्षण और जल संवर्धन को लेकर जिले में व्यापक अभियान चलाया जा रहा है। तालाबों, नदियों और जलस्रोतों के पुनर्जीवन के लिए ग्रामीणों और प्रशासन द्वारा संयुक्त प्रयास किए जा रहे हैं। जल संरक्षण और जल संवर्धन को लेकर जिले में व्यापक अभियान चलाया जा रहा है। तालाबों, नदियों और जलस्रोतों के पुनर्जीवन के लिए ग्रामीणों और प्रशासन द्वारा संयुक्त प्रयास किए जा रहे हैं। जल संरक्षण और जल संवर्धन को लेकर जिले में व्यापक अभियान चलाया जा रहा
प्रयास
जल संरक्षण और जल संवर्धन को लेकर जिले में व्यापक अभियान चलाया जा रहा है। तालाबों, नदियों और जलस्रोतों के पुनर्जीवन के लिए ग्रामीणों और प्रशासन द्वारा संयुक्त प्रयास किए जा रहे हैं। जल संरक्षण और जल संवर्धन को लेकर जिले में व्यापक अभियान चलाया जा रहा है। तालाबों, नदियों और जलस्रोतों के पुनर्जीवन के लिए ग्रामीणों और प्रशासन द्वारा संयुक्त प्रयास किए जा रहे हैं। जल संरक्षण और जल संवर्धन को लेकर जिले में व्यापक अभियान चलाया जा रहा है। तालाबों, नदियों और जलस्रोतों के पुनर्जीवन के लिए ग्रामीणों और प्रशासन द्वारा संयुक्त प्रयास किए जा रहे हैं। जल संरक्षण और जल संवर्धन को लेकर जिले में व्यापक अभियान चलाया जा रहा है। तालाबों, नदियों और जलस्रोतों के पुनर्जीवन के लिए ग्रामीणों और प्रशासन द्वारा संयुक्त प्रयास किए जा रहे हैं। जल संरक्षण और जल संवर्धन को लेकर जिले में व्यापक अभियान चलाया जा रहा है। तालाबों, नदियों और जलस्रोतों के पुनर्जीवन के लिए ग्रामीणों और प्रशासन द्वारा संयुक्त प्रयास किए जा रहे हैं। जल संरक्षण और जल संवर्धन को लेकर जिले में व्यापक अभियान चलाया जा रहा है। तालाबों, नदियों और जलस्रोतों के पुनर्जीवन के लिए ग्रामीणों और प्रशासन द्वारा संयुक्त प्रयास किए जा रहे हैं। जल संरक्षण और जल संवर्धन को लेकर जिले में व्यापक अभियान चलाया जा रहा है। तालाबों, नदियों और जलस्रोतों के पुनर्जीवन के लिए ग्रामीणों और प्रशासन द्वारा संयुक्त प्रयास किए जा रहे हैं।
जल संरक्षण और जल संवर्धन को लेकर जिले में व्यापक अभियान चलाया जा रहा है। तालाबों, नदियों और जलस्रोतों के पुनर्जीवन के लिए ग्रामीणों और प्रशासन द्वारा संयुक्त प्रयास किए जा रहे हैं। जल संरक्षण और जल संवर्धन को लेकर जिले में व्यापक अभियान चलाया जा रहा है। तालाबों, नदियों और जलस्रोतों के पुनर्जीवन के लिए ग्रामीणों और प्रशासन द्वारा संयुक्त प्रयास किए जा रहे हैं। जल संरक्षण और जल संवर्धन को लेकर जिले में व्यापक अभियान चलाया जा रहा है। तालाबों, नदियों और जलस्रोतों के पुनर्जीवन के लिए ग्रामीणों और प्रशासन द्वारा संयुक्त प्रयास किए जा रहे हैं। जल संरक्षण और जल संवर्धन को लेकर जिले में व्यापक अभियान चलाया जा रहा है। तालाबों, नदियों और जलस्रोतों के पुनर्जीवन के
जल संरक्षण और जल संवर्धन को लेकर जिले में व्यापक अभियान चलाया जा रहा है। तालाबों, नदियों और जलस्रोतों के पुनर्जीवन के लिए ग्रामीणों और प्रशासन द्वारा संयुक्त प्रयास किए जा रहे हैं। जल संरक्षण और जल संवर्धन को लेकर जिले में व्यापक अभियान चलाया जा रहा है। तालाबों, नदियों और जलस्रोतों के पुनर्जीवन के लिए ग्रामीणों और प्रशासन द्वारा संयुक्त प्रयास किए जा रहे हैं। जल संरक्षण और जल संवर्धन को लेकर जिले में व्यापक अभियान चलाया जा रहा है। तालाबों, नदियों और जलस्रोतों के पुनर्जीवन के लिए ग्रामीणों और प्रशासन द्वारा संयुक्त प्रयास किए जा रहे हैं। जल संरक्षण और जल संवर्धन को लेकर जिले में व्यापक अभियान चलाया जा रहा है। तालाबों, नदियों और जलस्रोतों के पुनर्जीवन के लिए ग्रामीणों और प्रशासन द्वारा संयुक्त प्रयास किए जा रहे हैं। जल संरक्षण और जल संवर्धन को लेकर जिले में व्यापक अभियान चलाया जा रहा है। तालाबों, नदियों और जलस्रोतों के पुनर्जीवन के लिए ग्रामीणों और प्रशासन द्वारा संयुक्त प्रयास किए जा रहे हैं। जल संरक्षण और जल संवर्धन को लेकर जिले में व्यापक अभियान चलाया जा रहा है। तालाबों, नदियों और जलस्रोतों के पुनर्जीवन के लिए ग्रामीणों और प्रशासन द्वारा संयुक्त प्रयास किए जा रहे हैं। जल संरक्षण और जल संवर्धन को लेकर जिले में व्यापक अभियान चलाया जा रहा है। तालाबों, नदियों और जलस्रोतों के पुनर्जीवन के लिए ग्रामीणों और प्रशासन द्वारा संयुक्त प्रयास किए जा रहे हैं।
जल संरक्षण और जल संवर्धन को लेकर जिले में व्यापक अभियान चलाया जा रहा है। तालाबों, नदियों और जलस्रोतों के पुनर्जीवन के लिए ग्रामीणों और प्रशासन द्वारा संयुक्त प्रयास किए जा रहे हैं। जल संरक्षण और जल संवर्धन को लेकर जिले में व्यापक अभियान चलाया जा रहा है। तालाबों, नदियों और जलस्रोतों के पुनर्जीवन के लिए ग्रामीणों और प्रशासन द्वारा संयुक्त प्रयास किए जा रहे हैं। जल संरक्षण और जल संवर्धन को लेकर जिले में व्यापक अभियान चलाया जा रहा है। तालाबों, नदियों और जलस्रोतों के पुनर्जीवन के लिए ग्रामीणों और प्रशासन द्वारा संयुक्त प्रयास किए जा रहे हैं। जल संरक्षण और जल संवर्धन को लेकर जिले में व्यापक अभियान चलाया जा रहा है। तालाबों, नदियों और जलस्रोतों के पुनर्जीवन के लिए ग्रामीणों और प्रशासन द्वारा संयुक्त प्रयास किए जा रहे हैं। जल संरक्षण और जल संवर्धन को लेकर जिले में व्यापक अभियान चलाया जा रहा है। तालाबों, नदियों और जलस्रोतों के पुनर्जीवन के लिए ग्रामीणों और प्रशासन द्वारा संयुक्त प्रयास किए जा रहे हैं। जल संरक्षण और जल संवर्धन को लेकर जिले में व्यापक अभियान चलाया जा रहा है। तालाबों, नदियों और जलस्रोतों के पुनर्जीवन के लिए ग्रामीणों और प्रशासन द्वारा संयुक्त प्रयास किए जा रहे हैं। जल संरक्षण और जल संवर्धन को लेकर जिले में व्यापक अभियान चलाया जा रहा है। तालाबों, नदियों और जलस्रोतों के पुनर्जीवन के लिए ग्रामीणों और प्रशासन द्वारा संयुक्त प्रयास किए जा रहे हैं।
नारी शक्ति अधिनियम का विरोध कांग्रेस की नकारात्मक मानसिकता - शिवसेना
अदित्य भारत ■ रायपुर
शिवसेना नेताओं ने कहा कि नारी शक्ति वंदन अधिनियम महिलाओं को सशक्त बनाने की दिशा में ऐतिहासिक कदम है और इसका विरोध नकारात्मक मानसिकता को दर्शाता है। शिवसेना नेताओं ने कहा कि नारी शक्ति वंदन अधिनियम महिलाओं को सशक्त बनाने की दिशा में ऐतिहासिक कदम है और इसका विरोध नकारात्मक मानसिकता को दर्शाता है। शिवसेना नेताओं ने कहा कि नारी शक्ति वंदन अधिनियम महिलाओं को सशक्त बनाने की दिशा में ऐतिहासिक कदम है और इसका विरोध नकारात्मक मानसिकता को दर्शाता है। शिवसेना नेताओं ने कहा कि नारी शक्ति वंदन अधिनियम महिलाओं को सशक्त बनाने की दिशा में ऐतिहासिक कदम है और इसका विरोध नकारात्मक मानसिकता को दर्शाता है। शिवसेना नेताओं ने कहा कि नारी शक्ति वंदन अधिनियम महिलाओं को सशक्त बनाने की दिशा में ऐतिहासिक कदम है और इसका विरोध नकारात्मक मानसिकता को दर्शाता है। शिवसेना नेताओं ने कहा कि नारी शक्ति वंदन अधिनियम महिलाओं को सशक्त बनाने की दिशा में ऐतिहासिक कदम है और इसका विरोध नकारात्मक मानसिकता को दर्शाता है। शिवसेना नेताओं ने कहा कि नारी शक्ति वंदन अधिनियम महिलाओं को सशक्त बनाने की दिशा में ऐतिहासिक कदम है और इसका विरोध नकारात्मक मानसिकता को दर्शाता है।
शिवसेना नेताओं ने कहा कि नारी शक्ति वंदन अधिनियम महिलाओं को सशक्त बनाने की दिशा में ऐतिहासिक कदम है और इसका विरोध नकारात्मक मानसिकता को दर्शाता है। शिवसेना नेताओं ने कहा कि नारी शक्ति वंदन अधिनियम महिलाओं को सशक्त बनाने की दिशा में ऐतिहासिक कदम है और इसका विरोध नकारात्मक मानसिकता को दर्शाता है। शिवसेना नेताओं ने कहा कि नारी शक्ति वंदन अधिनियम महिलाओं को सशक्त बनाने की दिशा में ऐतिहासिक कदम है और इसका विरोध नकारात्मक मानसिकता को दर्शाता है। शिवसेना नेताओं ने कहा कि नारी शक्ति वंदन अधिनियम महिलाओं को सशक्त बनाने की दिशा में ऐतिहासिक कदम है और इसका विरोध नकारात्मक मानसिकता को दर्शाता है। शिवसेना नेताओं ने कहा कि नारी शक्ति वंदन अधिनियम महिलाओं को सशक्त बनाने की दिशा में ऐतिहासिक कदम है और इसका विरोध नकारात्मक मानसिकता को दर्शाता है। शिवसेना नेताओं ने कहा कि नारी शक्ति वंदन अधिनियम महिलाओं को सशक्त बनाने की दिशा में ऐतिहासिक कदम है और इसका विरोध नकारात्मक मानसिकता को दर्शाता है। शिवसेना
